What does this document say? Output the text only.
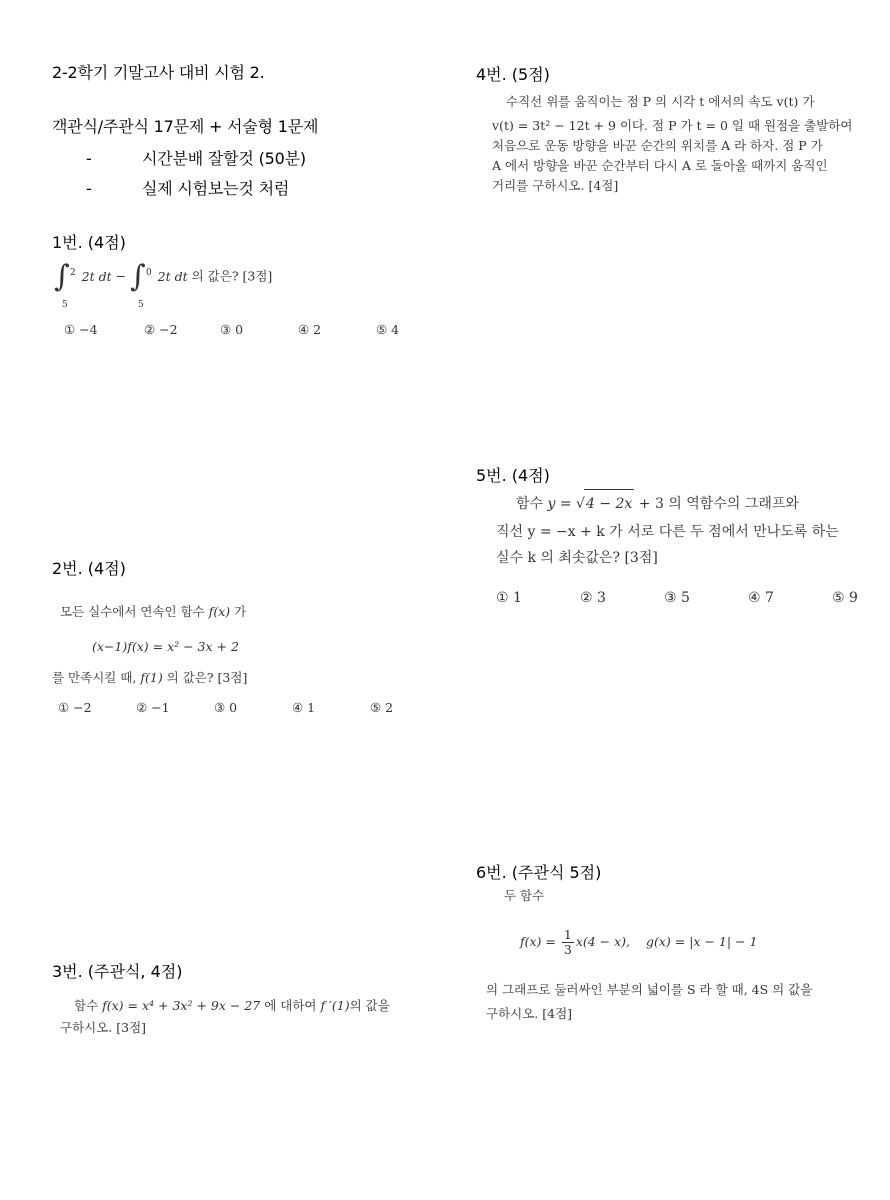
2-2학기 기말고사 대비 시험 2.
객관식/주관식 17문제 + 서술형 1문제
-	시간분배 잘할것 (50분)
-	실제 시험보는것 처럼
1번. (4점)
∫ 2
5
2t dt − ∫ 0
5
2t dt 의 값은? [3점]
① −4	② −2	③ 0	④ 2	⑤ 4
2번. (4점)
모든 실수에서 연속인 함수 f(x) 가
(x−1)f(x) = x² − 3x + 2
를 만족시킬 때, f(1) 의 값은? [3점]
① −2	② −1	③ 0	④ 1	⑤ 2
3번. (주관식, 4점)
함수 f(x) = x⁴ + 3x² + 9x − 27 에 대하여 f ′(1)의 값을
구하시오. [3점]
4번. (5점)
수직선 위를 움직이는 점 P 의 시각 t 에서의 속도 v(t) 가
v(t) = 3t² − 12t + 9 이다. 점 P 가 t = 0 일 때 원점을 출발하여
처음으로 운동 방향을 바꾼 순간의 위치를 A 라 하자. 점 P 가
A 에서 방향을 바꾼 순간부터 다시 A 로 돌아올 때까지 움직인
거리를 구하시오. [4점]
5번. (4점)
함수 y = √4 − 2x + 3 의 역함수의 그래프와
직선 y = −x + k 가 서로 다른 두 점에서 만나도록 하는
실수 k 의 최솟값은? [3점]
① 1	② 3	③ 5	④ 7	⑤ 9
6번. (주관식 5점)
두 함수
$f(x) = \frac{1}{3} x(4 - x)$, g(x) = |x − 1| − 1
의 그래프로 둘러싸인 부분의 넓이를 S 라 할 때, 4S 의 값을
구하시오. [4점]
